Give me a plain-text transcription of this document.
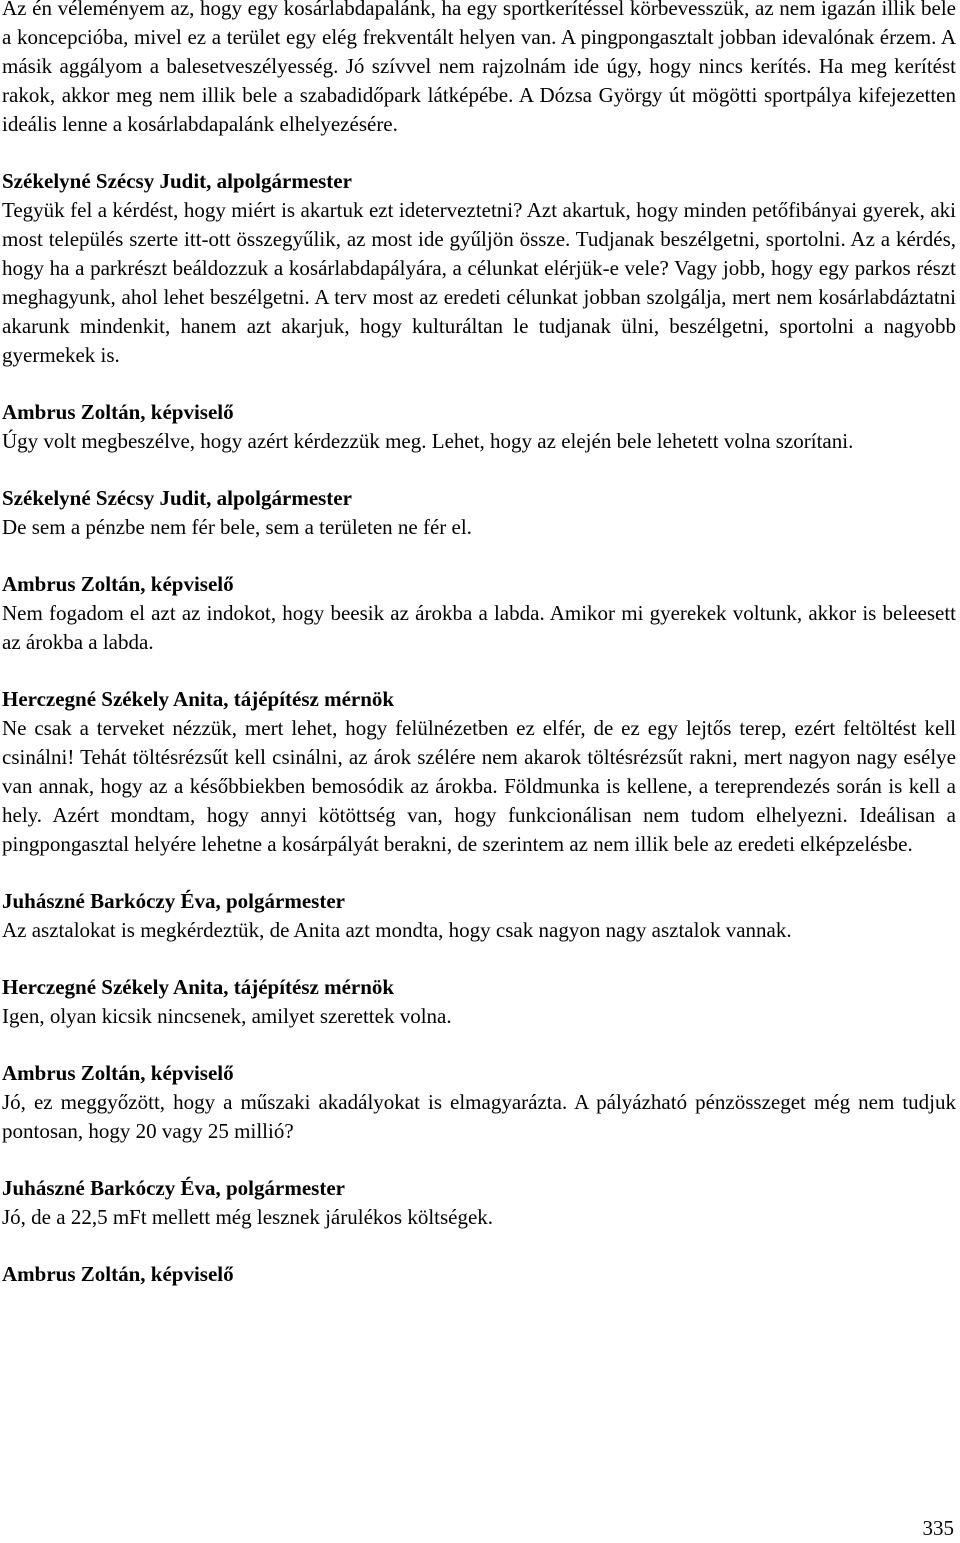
Az én véleményem az, hogy egy kosárlabdapalánk, ha egy sportkerítéssel körbevesszük, az nem igazán illik bele a koncepcióba, mivel ez a terület egy elég frekventált helyen van. A pingpongasztalt jobban idevalónak érzem. A másik aggályom a balesetveszélyesség. Jó szívvel nem rajzolnám ide úgy, hogy nincs kerítés. Ha meg kerítést rakok, akkor meg nem illik bele a szabadidőpark látképébe. A Dózsa György út mögötti sportpálya kifejezetten ideális lenne a kosárlabdapalánk elhelyezésére.

Székelyné Szécsy Judit, alpolgármester

Tegyük fel a kérdést, hogy miért is akartuk ezt ideterveztetni? Azt akartuk, hogy minden petőfibányai gyerek, aki most település szerte itt-ott összegyűlik, az most ide gyűljön össze. Tudjanak beszélgetni, sportolni. Az a kérdés, hogy ha a parkrészt beáldozzuk a kosárlabdapályára, a célunkat elérjük-e vele? Vagy jobb, hogy egy parkos részt meghagyunk, ahol lehet beszélgetni. A terv most az eredeti célunkat jobban szolgálja, mert nem kosárlabdáztatni akarunk mindenkit, hanem azt akarjuk, hogy kulturáltan le tudjanak ülni, beszélgetni, sportolni a nagyobb gyermekek is.

Ambrus Zoltán, képviselő

Úgy volt megbeszélve, hogy azért kérdezzük meg. Lehet, hogy az elején bele lehetett volna szorítani.

Székelyné Szécsy Judit, alpolgármester

De sem a pénzbe nem fér bele, sem a területen ne fér el.

Ambrus Zoltán, képviselő

Nem fogadom el azt az indokot, hogy beesik az árokba a labda. Amikor mi gyerekek voltunk, akkor is beleesett az árokba a labda.

Herczegné Székely Anita, tájépítész mérnök

Ne csak a terveket nézzük, mert lehet, hogy felülnézetben ez elfér, de ez egy lejtős terep, ezért feltöltést kell csinálni! Tehát töltésrézsűt kell csinálni, az árok szélére nem akarok töltésrézsűt rakni, mert nagyon nagy esélye van annak, hogy az a későbbiekben bemosódik az árokba. Földmunka is kellene, a tereprendezés során is kell a hely. Azért mondtam, hogy annyi kötöttség van, hogy funkcionálisan nem tudom elhelyezni. Ideálisan a pingpongasztal helyére lehetne a kosárpályát berakni, de szerintem az nem illik bele az eredeti elképzelésbe.

Juhászné Barkóczy Éva, polgármester

Az asztalokat is megkérdeztük, de Anita azt mondta, hogy csak nagyon nagy asztalok vannak.

Herczegné Székely Anita, tájépítész mérnök

Igen, olyan kicsik nincsenek, amilyet szerettek volna.

Ambrus Zoltán, képviselő

Jó, ez meggyőzött, hogy a műszaki akadályokat is elmagyarázta. A pályázható pénzösszeget még nem tudjuk pontosan, hogy 20 vagy 25 millió?

Juhászné Barkóczy Éva, polgármester

Jó, de a 22,5 mFt mellett még lesznek járulékos költségek.

Ambrus Zoltán, képviselő
335
